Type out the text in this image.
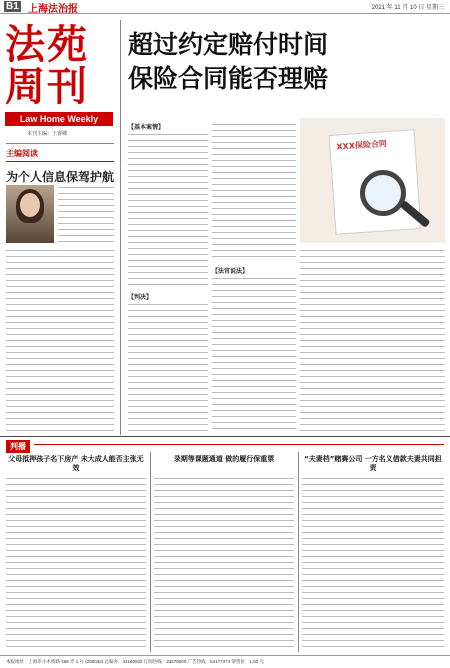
B1 上海法治报	2021 年 11 月 10 日 星期三
法苑
周刊
Law Home Weekly
本刊主编：王睿卿
超过约定赔付时间
保险合同能否理赔
主编阅读
为个人信息保驾护航
【基本案情】
【判决】
【法官说法】
XXX保险合同
判播
父母抵押孩子名下房产 未大成人能否主张无效
录期等课题通道 做的履行保重票	“夫妻档”赌赛公司 一方名义借款夫妻共同担责
本报地址：上海市小木桥路 268 弄 1 号 (200032) 总编办：34160932 订阅热线：33675000 广告热线：64177374 零售价：1.50 元
